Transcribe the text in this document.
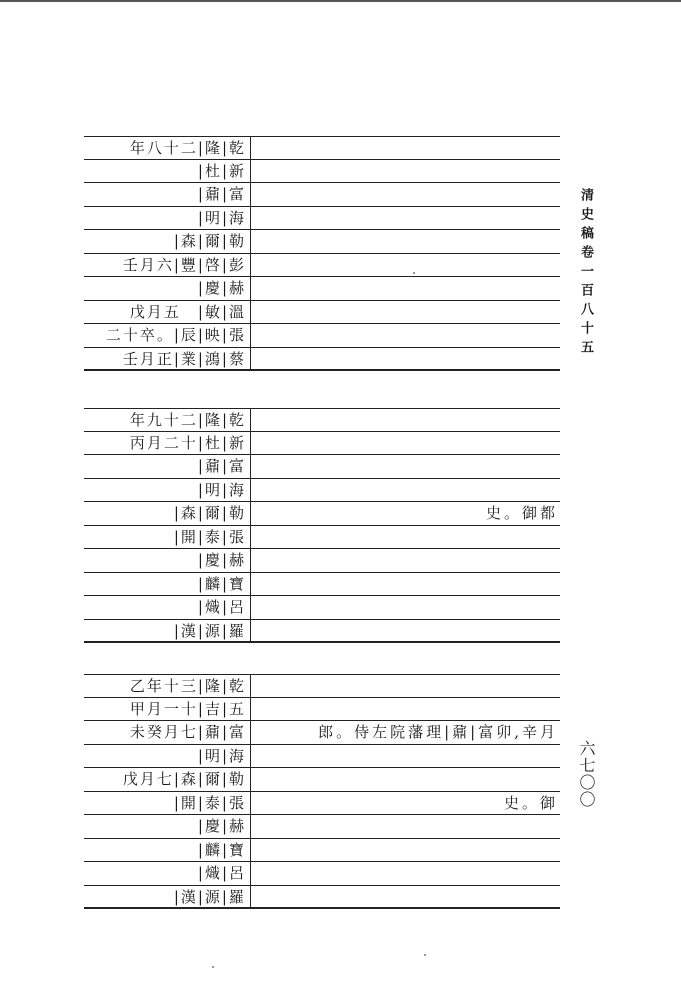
年八十二|隆|乾
|杜|新
|鼐|富
|明|海
|森|爾|勒
壬月六|豐|啓|彭
|慶|赫
戊月五　|敏|溫
二十卒。|辰|映|張
壬月正|業|鴻|蔡
年九十二|隆|乾
丙月二十|杜|新
|鼐|富
|明|海
|森|爾|勒	史。御都
|開|泰|張
|慶|赫
|麟|寶
|熾|呂
|漢|源|羅
乙年十三|隆|乾
甲月一十|吉|五
未癸月七|鼐|富	郎。侍左院藩理|鼐|富卯,辛月
|明|海
戊月七|森|爾|勒
|開|泰|張	史。御
|慶|赫
|麟|寶
|熾|呂
|漢|源|羅
清史稿卷一百八十五
六七〇〇
